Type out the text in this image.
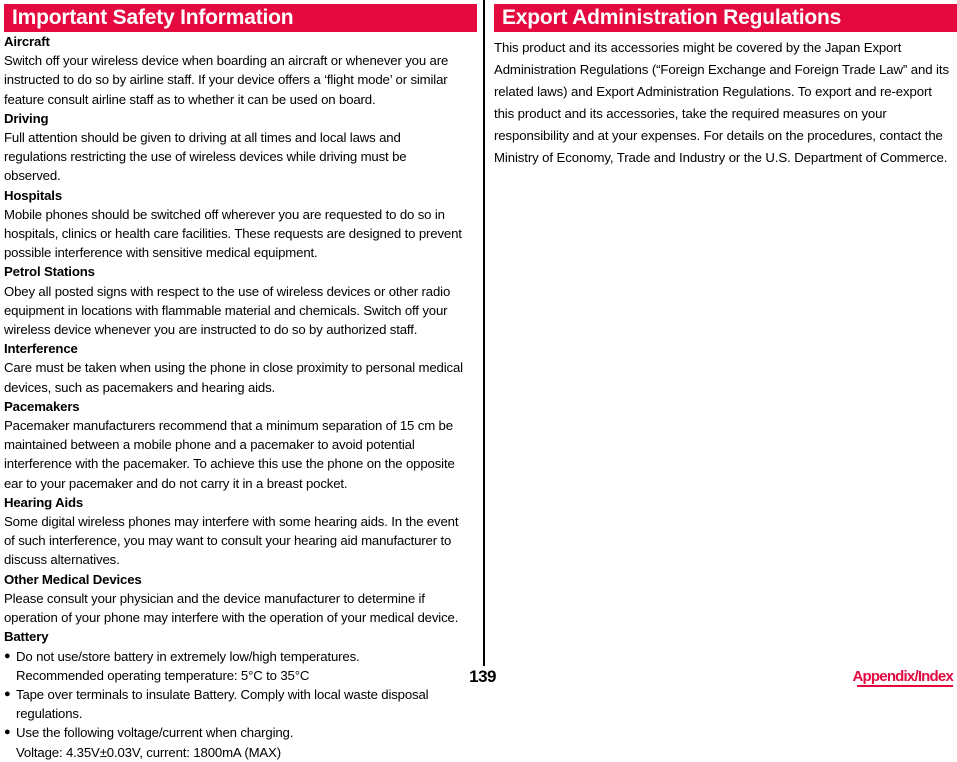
Important Safety Information
Aircraft
Switch off your wireless device when boarding an aircraft or whenever you are instructed to do so by airline staff. If your device offers a ‘flight mode’ or similar feature consult airline staff as to whether it can be used on board.
Driving
Full attention should be given to driving at all times and local laws and regulations restricting the use of wireless devices while driving must be observed.
Hospitals
Mobile phones should be switched off wherever you are requested to do so in hospitals, clinics or health care facilities. These requests are designed to prevent possible interference with sensitive medical equipment.
Petrol Stations
Obey all posted signs with respect to the use of wireless devices or other radio equipment in locations with flammable material and chemicals. Switch off your wireless device whenever you are instructed to do so by authorized staff.
Interference
Care must be taken when using the phone in close proximity to personal medical devices, such as pacemakers and hearing aids.
Pacemakers
Pacemaker manufacturers recommend that a minimum separation of 15 cm be maintained between a mobile phone and a pacemaker to avoid potential interference with the pacemaker. To achieve this use the phone on the opposite ear to your pacemaker and do not carry it in a breast pocket.
Hearing Aids
Some digital wireless phones may interfere with some hearing aids. In the event of such interference, you may want to consult your hearing aid manufacturer to discuss alternatives.
Other Medical Devices
Please consult your physician and the device manufacturer to determine if operation of your phone may interfere with the operation of your medical device.
Battery
● Do not use/store battery in extremely low/high temperatures.
Recommended operating temperature: 5°C to 35°C
● Tape over terminals to insulate Battery. Comply with local waste disposal
regulations.
● Use the following voltage/current when charging.
Voltage: 4.35V±0.03V, current: 1800mA (MAX)
Export Administration Regulations
This product and its accessories might be covered by the Japan Export Administration Regulations (“Foreign Exchange and Foreign Trade Law” and its related laws) and Export Administration Regulations. To export and re-export this product and its accessories, take the required measures on your responsibility and at your expenses. For details on the procedures, contact the Ministry of Economy, Trade and Industry or the U.S. Department of Commerce.
139	Appendix/Index
